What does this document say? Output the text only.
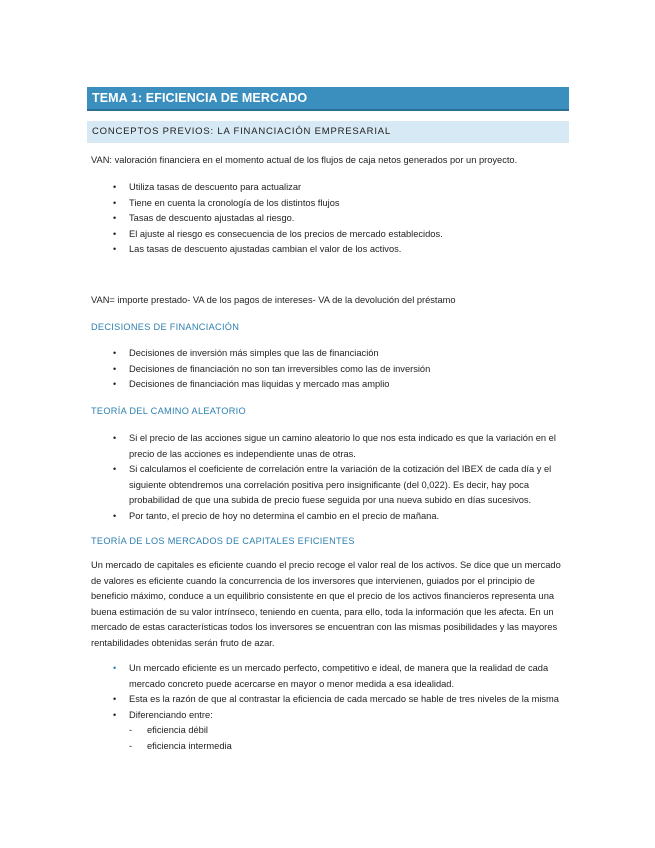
TEMA 1: EFICIENCIA DE MERCADO
CONCEPTOS PREVIOS: LA FINANCIACIÓN EMPRESARIAL
VAN: valoración financiera en el momento actual de los flujos de caja netos generados por un proyecto.
• Utiliza tasas de descuento para actualizar
• Tiene en cuenta la cronología de los distintos flujos
• Tasas de descuento ajustadas al riesgo.
• El ajuste al riesgo es consecuencia de los precios de mercado establecidos.
• Las tasas de descuento ajustadas cambian el valor de los activos.
VAN= importe prestado- VA de los pagos de intereses- VA de la devolución del préstamo
DECISIONES DE FINANCIACIÓN
• Decisiones de inversión más simples que las de financiación
• Decisiones de financiación no son tan irreversibles como las de inversión
• Decisiones de financiación mas liquidas y mercado mas amplio
TEORÍA DEL CAMINO ALEATORIO
• Si el precio de las acciones sigue un camino aleatorio lo que nos esta indicado es que la variación en el precio de las acciones es independiente unas de otras.
• Si calculamos el coeficiente de correlación entre la variación de la cotización del IBEX de cada día y el siguiente obtendremos una correlación positiva pero insignificante (del 0,022). Es decir, hay poca probabilidad de que una subida de precio fuese seguida por una nueva subido en días sucesivos.
• Por tanto, el precio de hoy no determina el cambio en el precio de mañana.
TEORÍA DE LOS MERCADOS DE CAPITALES EFICIENTES
Un mercado de capitales es eficiente cuando el precio recoge el valor real de los activos. Se dice que un mercado de valores es eficiente cuando la concurrencia de los inversores que intervienen, guiados por el principio de beneficio máximo, conduce a un equilibrio consistente en que el precio de los activos financieros representa una buena estimación de su valor intrínseco, teniendo en cuenta, para ello, toda la información que les afecta. En un mercado de estas características todos los inversores se encuentran con las mismas posibilidades y las mayores rentabilidades obtenidas serán fruto de azar.
• Un mercado eficiente es un mercado perfecto, competitivo e ideal, de manera que la realidad de cada mercado concreto puede acercarse en mayor o menor medida a esa idealidad.
• Esta es la razón de que al contrastar la eficiencia de cada mercado se hable de tres niveles de la misma
• Diferenciando entre:
- eficiencia débil
- eficiencia intermedia
